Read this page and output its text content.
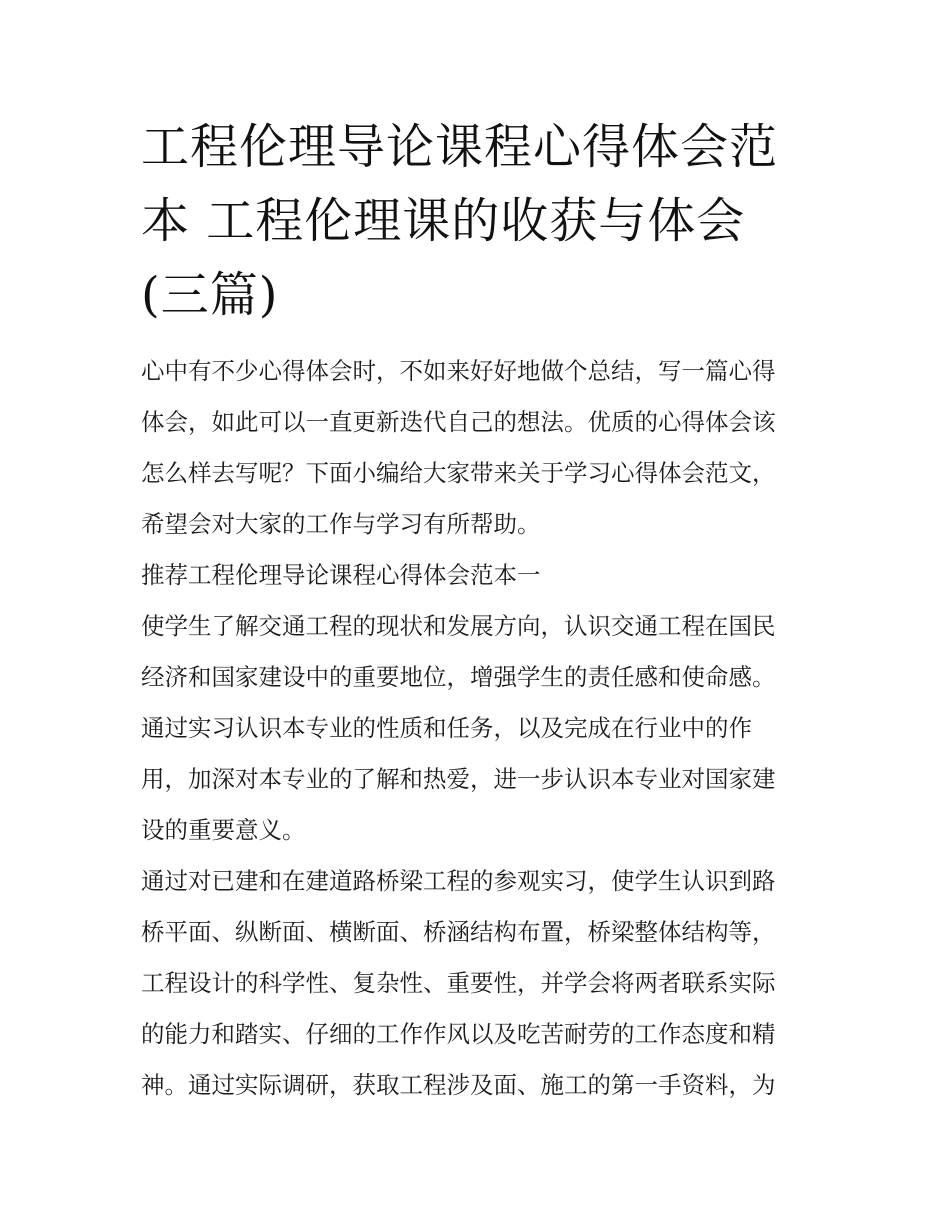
工程伦理导论课程心得体会范
本 工程伦理课的收获与体会
(三篇)

心中有不少心得体会时，不如来好好地做个总结，写一篇心得
体会，如此可以一直更新迭代自己的想法。优质的心得体会该
怎么样去写呢？下面小编给大家带来关于学习心得体会范文，
希望会对大家的工作与学习有所帮助。

推荐工程伦理导论课程心得体会范本一

使学生了解交通工程的现状和发展方向，认识交通工程在国民
经济和国家建设中的重要地位，增强学生的责任感和使命感。
通过实习认识本专业的性质和任务，以及完成在行业中的作
用，加深对本专业的了解和热爱，进一步认识本专业对国家建
设的重要意义。

通过对已建和在建道路桥梁工程的参观实习，使学生认识到路
桥平面、纵断面、横断面、桥涵结构布置，桥梁整体结构等，
工程设计的科学性、复杂性、重要性，并学会将两者联系实际
的能力和踏实、仔细的工作作风以及吃苦耐劳的工作态度和精
神。通过实际调研，获取工程涉及面、施工的第一手资料，为
